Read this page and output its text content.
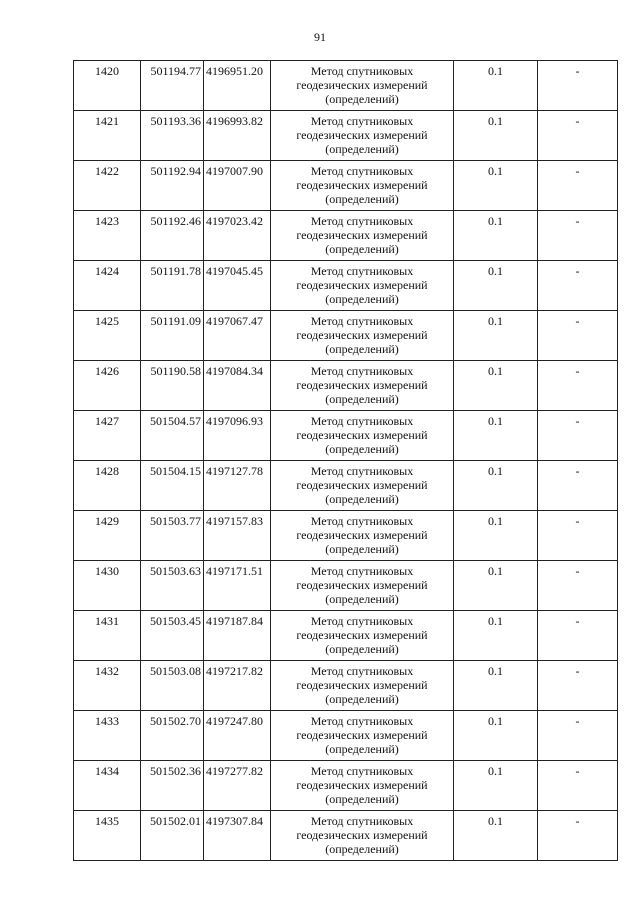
91
1420	501194.77	4196951.20	Метод спутниковых геодезических измерений (определений)	0.1	-
1421	501193.36	4196993.82	Метод спутниковых геодезических измерений (определений)	0.1	-
1422	501192.94	4197007.90	Метод спутниковых геодезических измерений (определений)	0.1	-
1423	501192.46	4197023.42	Метод спутниковых геодезических измерений (определений)	0.1	-
1424	501191.78	4197045.45	Метод спутниковых геодезических измерений (определений)	0.1	-
1425	501191.09	4197067.47	Метод спутниковых геодезических измерений (определений)	0.1	-
1426	501190.58	4197084.34	Метод спутниковых геодезических измерений (определений)	0.1	-
1427	501504.57	4197096.93	Метод спутниковых геодезических измерений (определений)	0.1	-
1428	501504.15	4197127.78	Метод спутниковых геодезических измерений (определений)	0.1	-
1429	501503.77	4197157.83	Метод спутниковых геодезических измерений (определений)	0.1	-
1430	501503.63	4197171.51	Метод спутниковых геодезических измерений (определений)	0.1	-
1431	501503.45	4197187.84	Метод спутниковых геодезических измерений (определений)	0.1	-
1432	501503.08	4197217.82	Метод спутниковых геодезических измерений (определений)	0.1	-
1433	501502.70	4197247.80	Метод спутниковых геодезических измерений (определений)	0.1	-
1434	501502.36	4197277.82	Метод спутниковых геодезических измерений (определений)	0.1	-
1435	501502.01	4197307.84	Метод спутниковых геодезических измерений (определений)	0.1	-
